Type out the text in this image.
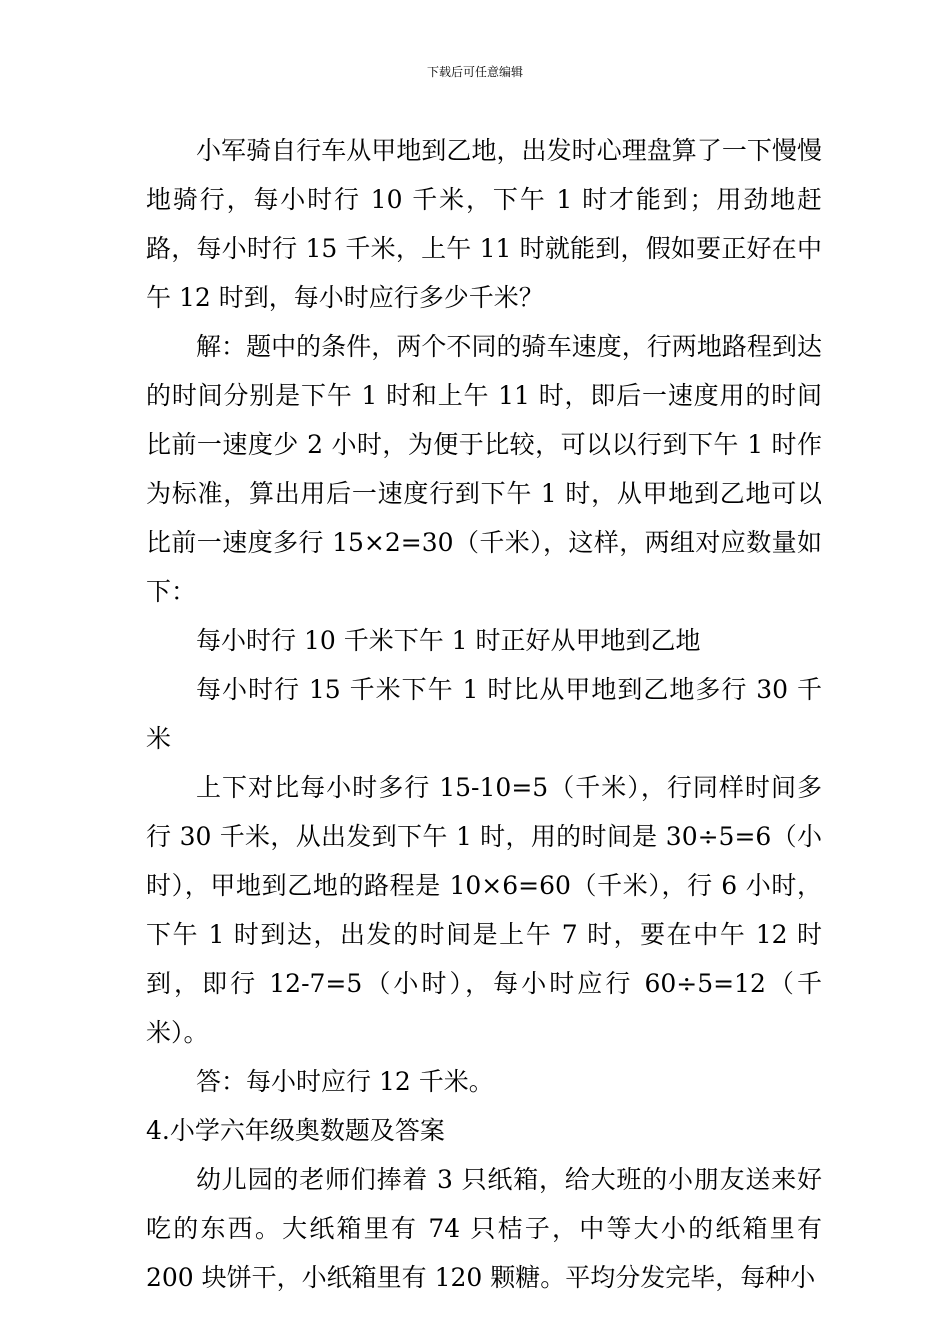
下载后可任意编辑

小军骑自行车从甲地到乙地，出发时心理盘算了一下慢慢地骑行，每小时行 10 千米，下午 1 时才能到；用劲地赶路，每小时行 15 千米，上午 11 时就能到，假如要正好在中午 12 时到，每小时应行多少千米？

解：题中的条件，两个不同的骑车速度，行两地路程到达的时间分别是下午 1 时和上午 11 时，即后一速度用的时间比前一速度少 2 小时，为便于比较，可以以行到下午 1 时作为标准，算出用后一速度行到下午 1 时，从甲地到乙地可以比前一速度多行 15×2=30（千米），这样，两组对应数量如下：

每小时行 10 千米下午 1 时正好从甲地到乙地

每小时行 15 千米下午 1 时比从甲地到乙地多行 30 千米

上下对比每小时多行 15-10=5（千米），行同样时间多行 30 千米，从出发到下午 1 时，用的时间是 30÷5=6（小时），甲地到乙地的路程是 10×6=60（千米），行 6 小时，下午 1 时到达，出发的时间是上午 7 时，要在中午 12 时到，即行 12-7=5（小时），每小时应行 60÷5=12（千米）。

答：每小时应行 12 千米。

4.小学六年级奥数题及答案

幼儿园的老师们捧着 3 只纸箱，给大班的小朋友送来好吃的东西。大纸箱里有 74 只桔子，中等大小的纸箱里有 200 块饼干，小纸箱里有 120 颗糖。平均分发完毕，每种小
